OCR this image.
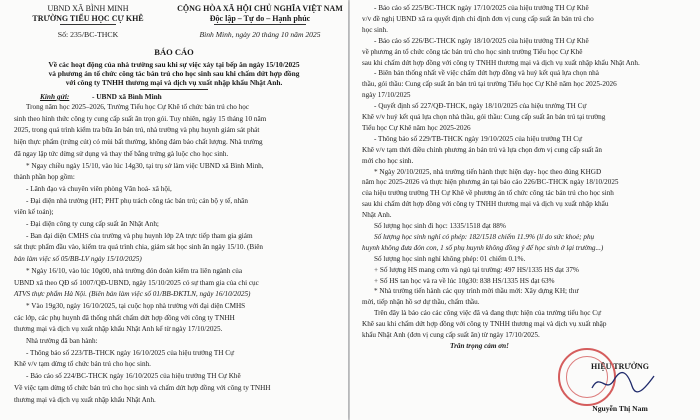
UBND XÃ BÌNH MINH
TRƯỜNG TIỂU HỌC CỰ KHÊ
Số: 235/BC-THCK
CỘNG HÒA XÃ HỘI CHỦ NGHĨA VIỆT NAM
Độc lập – Tự do – Hạnh phúc
Bình Minh, ngày 20 tháng 10 năm 2025
BÁO CÁO
Về các hoạt động của nhà trường sau khi sự việc xảy tại bếp ăn ngày 15/10/2025
và phương án tổ chức công tác bán trú cho học sinh sau khi chấm dứt hợp đồng
với công ty TNHH thương mại và dịch vụ xuất nhập khẩu Nhật Anh.
Kính gửi:	- UBND xã Bình Minh
Trong năm học 2025–2026, Trường Tiểu học Cự Khê tổ chức bán trú cho học
sinh theo hình thức công ty cung cấp suất ăn trọn gói. Tuy nhiên, ngày 15 tháng 10 năm
2025, trong quá trình kiểm tra bữa ăn bán trú, nhà trường và phụ huynh giám sát phát
hiện thực phẩm (trứng cút) có mùi bất thường, không đảm bảo chất lượng. Nhà trường
đã ngay lập tức dừng sử dụng và thay thế bằng trứng gà luộc cho học sinh.
* Ngay chiều ngày 15/10, vào lúc 14g30, tại trụ sở làm việc UBND xã Bình Minh,
thành phần họp gồm:
- Lãnh đạo và chuyên viên phòng Văn hoá- xã hội,
- Đại diện nhà trường (HT; PHT phụ trách công tác bán trú; cán bộ y tế, nhân
viên kế toán);
- Đại diện công ty cung cấp suất ăn Nhật Anh;
- Ban đại diện CMHS của trường và phụ huynh lớp 2A trực tiếp tham gia giám
sát thực phẩm đầu vào, kiểm tra quá trình chia, giám sát học sinh ăn ngày 15/10. (Biên
bản làm việc số 05/BB-LV ngày 15/10/2025)
* Ngày 16/10, vào lúc 10g00, nhà trường đón đoàn kiểm tra liên ngành của
UBND xã theo QĐ số 1007/QĐ-UBND, ngày 15/10/2025 có sự tham gia của chi cục
ATVS thực phẩm Hà Nội. (Biên bản làm việc số 01/BB-ĐKTLN, ngày 16/10/2025)
* Vào 19g30, ngày 16/10/2025, tại cuộc họp nhà trường với đại diện CMHS
các lớp, các phụ huynh đã thống nhất chấm dứt hợp đồng với công ty TNHH
thương mại và dịch vụ xuất nhập khẩu Nhật Anh kể từ ngày 17/10/2025.
Nhà trường đã ban hành:
- Thông báo số 223/TB-THCK ngày 16/10/2025 của hiệu trưởng TH Cự
Khê v/v tạm dừng tổ chức bán trú cho học sinh.
- Báo cáo số 224/BC-THCK ngày 16/10/2025 của hiệu trưởng TH Cự Khê
Về việc tạm dừng tổ chức bán trú cho học sinh và chấm dứt hợp đồng với công ty TNHH
thương mại và dịch vụ xuất nhập khẩu Nhật Anh.
- Báo cáo số 225/BC-THCK ngày 17/10/2025 của hiệu trưởng TH Cự Khê
v/v đề nghị UBND xã ra quyết định chỉ định đơn vị cung cấp suất ăn bán trú cho
học sinh.
- Báo cáo số 226/BC-THCK ngày 18/10/2025 của hiệu trưởng TH Cự Khê
về phương án tổ chức công tác bán trú cho học sinh trường Tiểu học Cự Khê
sau khi chấm dứt hợp đồng với công ty TNHH thương mại và dịch vụ xuất nhập khẩu Nhật Anh.
- Biên bản thống nhất về việc chấm dứt hợp đồng và huỷ kết quả lựa chọn nhà
thầu, gói thầu: Cung cấp suất ăn bán trú tại trường Tiểu học Cự Khê năm học 2025-2026
ngày 17/10/2025
- Quyết định số 227/QĐ-THCK, ngày 18/10/2025 của hiệu trưởng TH Cự
Khê v/v huỷ kết quả lựa chọn nhà thầu, gói thầu: Cung cấp suất ăn bán trú tại trường
Tiểu học Cự Khê năm học 2025-2026
- Thông báo số 229/TB-THCK ngày 19/10/2025 của hiệu trưởng TH Cự
Khê v/v tạm thời điều chỉnh phương án bán trú và lựa chọn đơn vị cung cấp suất ăn
mới cho học sinh.
* Ngày 20/10/2025, nhà trường tiến hành thực hiện dạy- học theo đúng KHGD
năm học 2025-2026 và thực hiện phương án tại báo cáo 226/BC-THCK ngày 18/10/2025
của hiệu trưởng trường TH Cự Khê về phương án tổ chức công tác bán trú cho học sinh
sau khi chấm dứt hợp đồng với công ty TNHH thương mại và dịch vụ xuất nhập khẩu
Nhật Anh.
Số lượng học sinh đi học: 1335/1518 đạt 88%
Số lượng học sinh nghỉ có phép: 182/1518 chiếm 11.9% (lí do sức khoẻ; phụ
huynh không đưa đón con, 1 số phụ huynh không đồng ý để học sinh ở lại trường...)
Số lượng học sinh nghỉ không phép: 01 chiếm 0.1%.
+ Số lượng HS mang cơm và ngủ tại trường: 497 HS/1335 HS đạt 37%
+ Số HS tan học và ra về lúc 10g30: 838 HS/1335 HS đạt 63%
* Nhà trường tiến hành các quy trình mời thầu mới: Xây dựng KH; thư
mời, tiếp nhận hồ sơ dự thầu, chấm thầu.
Trên đây là báo cáo các công việc đã và đang thực hiện của trường tiểu học Cự
Khê sau khi chấm dứt hợp đồng với công ty TNHH thương mại và dịch vụ xuất nhập
khẩu Nhật Anh (đơn vị cung cấp suất ăn) từ ngày 17/10/2025.
Trân trọng cảm ơn!
HIỆU TRƯỞNG
Nguyễn Thị Nam
